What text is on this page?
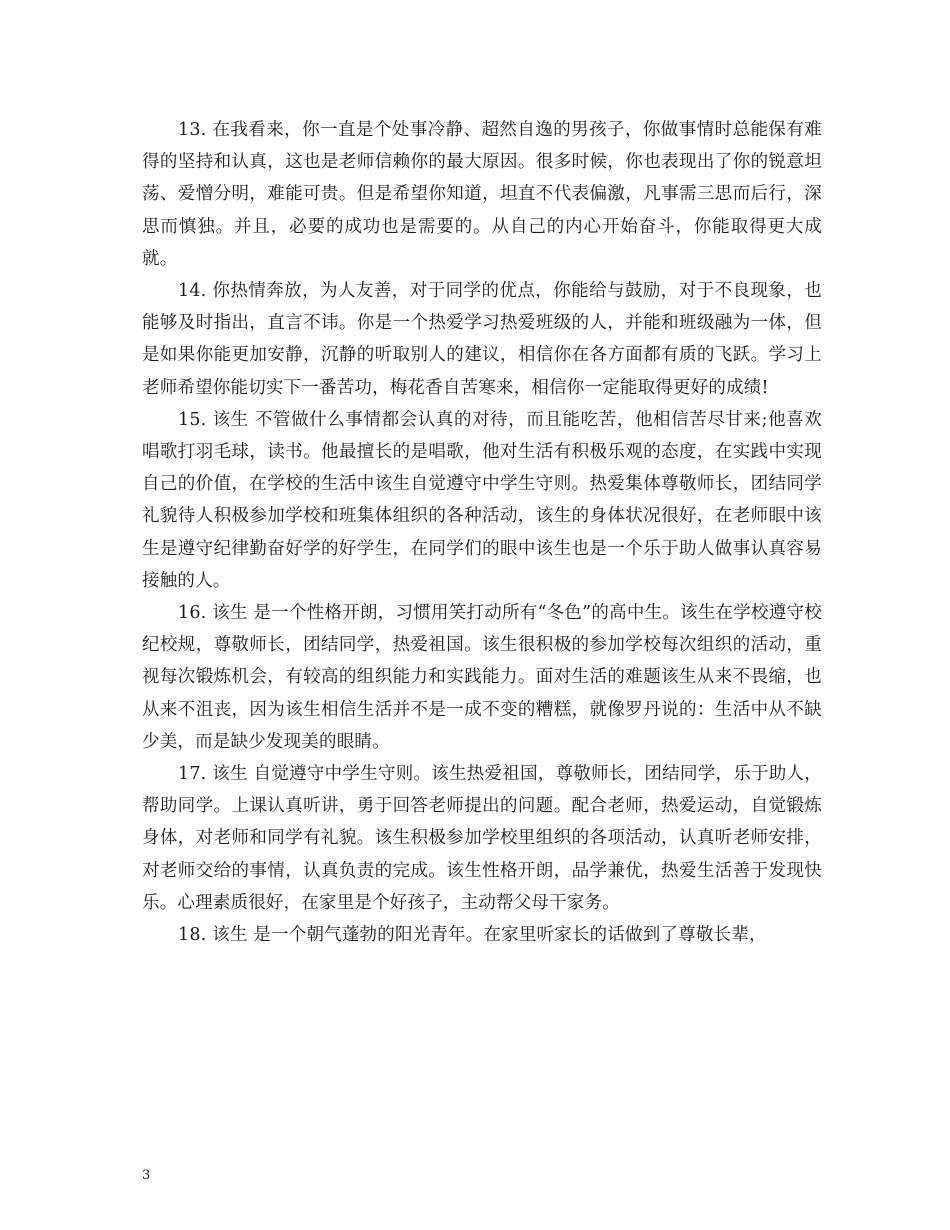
13. 在我看来，你一直是个处事冷静、超然自逸的男孩子，你做事情时总能保有难得的坚持和认真，这也是老师信赖你的最大原因。很多时候，你也表现出了你的锐意坦荡、爱憎分明，难能可贵。但是希望你知道，坦直不代表偏激，凡事需三思而后行，深思而慎独。并且，必要的成功也是需要的。从自己的内心开始奋斗，你能取得更大成就。

14. 你热情奔放，为人友善，对于同学的优点，你能给与鼓励，对于不良现象，也能够及时指出，直言不讳。你是一个热爱学习热爱班级的人，并能和班级融为一体，但是如果你能更加安静，沉静的听取别人的建议，相信你在各方面都有质的飞跃。学习上老师希望你能切实下一番苦功，梅花香自苦寒来，相信你一定能取得更好的成绩!

15. 该生 不管做什么事情都会认真的对待，而且能吃苦，他相信苦尽甘来;他喜欢唱歌打羽毛球，读书。他最擅长的是唱歌，他对生活有积极乐观的态度，在实践中实现自己的价值，在学校的生活中该生自觉遵守中学生守则。热爱集体尊敬师长，团结同学礼貌待人积极参加学校和班集体组织的各种活动，该生的身体状况很好，在老师眼中该生是遵守纪律勤奋好学的好学生，在同学们的眼中该生也是一个乐于助人做事认真容易接触的人。

16. 该生 是一个性格开朗，习惯用笑打动所有“冬色”的高中生。该生在学校遵守校纪校规，尊敬师长，团结同学，热爱祖国。该生很积极的参加学校每次组织的活动，重视每次锻炼机会，有较高的组织能力和实践能力。面对生活的难题该生从来不畏缩，也从来不沮丧，因为该生相信生活并不是一成不变的糟糕，就像罗丹说的：生活中从不缺少美，而是缺少发现美的眼睛。

17. 该生 自觉遵守中学生守则。该生热爱祖国，尊敬师长，团结同学，乐于助人，帮助同学。上课认真听讲，勇于回答老师提出的问题。配合老师，热爱运动，自觉锻炼身体，对老师和同学有礼貌。该生积极参加学校里组织的各项活动，认真听老师安排，对老师交给的事情，认真负责的完成。该生性格开朗，品学兼优，热爱生活善于发现快乐。心理素质很好，在家里是个好孩子，主动帮父母干家务。

18. 该生 是一个朝气蓬勃的阳光青年。在家里听家长的话做到了尊敬长辈，

3
